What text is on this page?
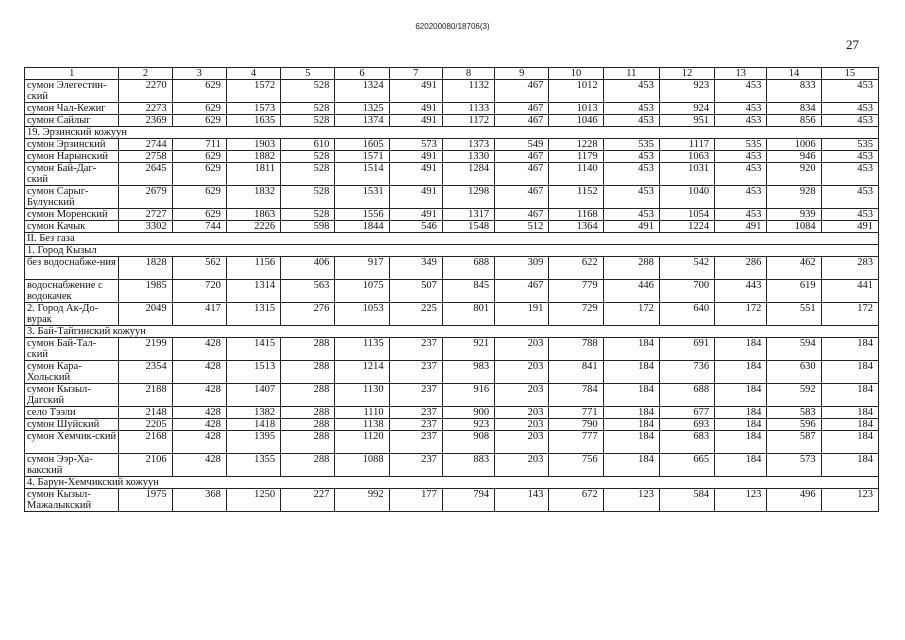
620200080/18706(3)
27
1	2	3	4	5	6	7	8	9	10	11	12	13	14	15
сумон Элегестин-ский	2270	629	1572	528	1324	491	1132	467	1012	453	923	453	833	453
сумон Чал-Кежиг	2273	629	1573	528	1325	491	1133	467	1013	453	924	453	834	453
сумон Сайлыг	2369	629	1635	528	1374	491	1172	467	1046	453	951	453	856	453
19. Эрзинский кожуун														
сумон Эрзинский	2744	711	1903	610	1605	573	1373	549	1228	535	1117	535	1006	535
сумон Нарынский	2758	629	1882	528	1571	491	1330	467	1179	453	1063	453	946	453
сумон Бай-Даг-ский	2645	629	1811	528	1514	491	1284	467	1140	453	1031	453	920	453
сумон Сарыг-Булунский	2679	629	1832	528	1531	491	1298	467	1152	453	1040	453	928	453
сумон Моренский	2727	629	1863	528	1556	491	1317	467	1168	453	1054	453	939	453
сумон Качык	3302	744	2226	598	1844	546	1548	512	1364	491	1224	491	1084	491
II. Без газа														
1. Город Кызыл														
без водоснабже-ния	1828	562	1156	406	917	349	688	309	622	288	542	286	462	283
водоснабжение с водокачек	1985	720	1314	563	1075	507	845	467	779	446	700	443	619	441
2. Город Ак-До-вурак	2049	417	1315	276	1053	225	801	191	729	172	640	172	551	172
3. Бай-Тайгинский кожуун														
сумон Бай-Тал-ский	2199	428	1415	288	1135	237	921	203	788	184	691	184	594	184
сумон Кара-Хольский	2354	428	1513	288	1214	237	983	203	841	184	736	184	630	184
сумон Кызыл-Дагский	2188	428	1407	288	1130	237	916	203	784	184	688	184	592	184
село Тээли	2148	428	1382	288	1110	237	900	203	771	184	677	184	583	184
сумон Шуйский	2205	428	1418	288	1138	237	923	203	790	184	693	184	596	184
сумон Хемчик-ский	2168	428	1395	288	1120	237	908	203	777	184	683	184	587	184
сумон Ээр-Ха-вакский	2106	428	1355	288	1088	237	883	203	756	184	665	184	573	184
4. Барун-Хемчикский кожуун														
сумон Кызыл-Мажалыкский	1975	368	1250	227	992	177	794	143	672	123	584	123	496	123
